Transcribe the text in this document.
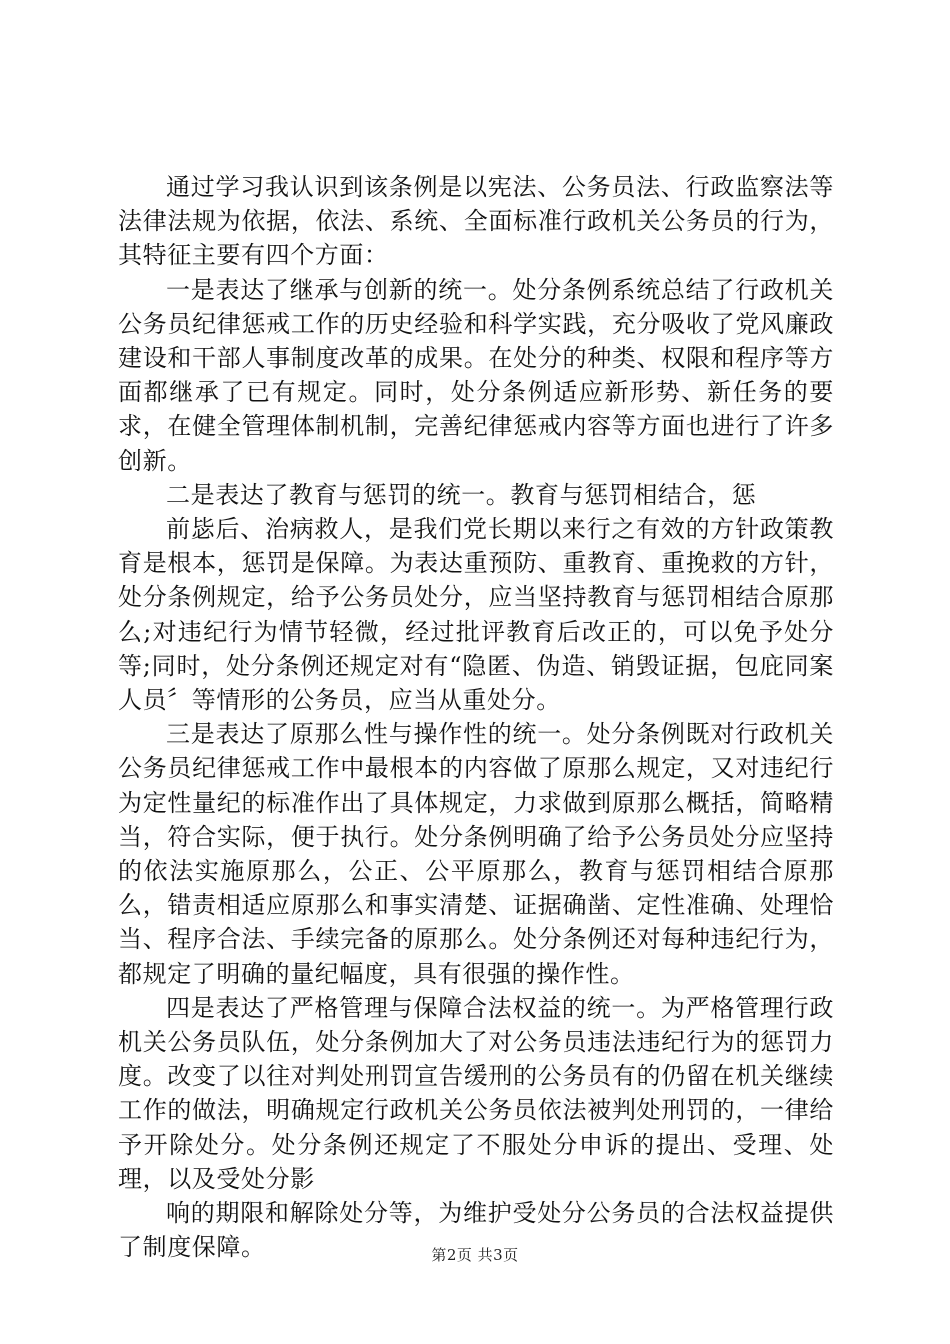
通过学习我认识到该条例是以宪法、公务员法、行政监察法等法律法规为依据，依法、系统、全面标准行政机关公务员的行为，其特征主要有四个方面：

一是表达了继承与创新的统一。处分条例系统总结了行政机关公务员纪律惩戒工作的历史经验和科学实践，充分吸收了党风廉政建设和干部人事制度改革的成果。在处分的种类、权限和程序等方面都继承了已有规定。同时，处分条例适应新形势、新任务的要求，在健全管理体制机制，完善纪律惩戒内容等方面也进行了许多创新。

二是表达了教育与惩罚的统一。教育与惩罚相结合，惩

前毖后、治病救人，是我们党长期以来行之有效的方针政策教育是根本，惩罚是保障。为表达重预防、重教育、重挽救的方针，处分条例规定，给予公务员处分，应当坚持教育与惩罚相结合原那么;对违纪行为情节轻微，经过批评教育后改正的，可以免予处分等;同时，处分条例还规定对有“隐匿、伪造、销毁证据，包庇同案人员〞等情形的公务员，应当从重处分。

三是表达了原那么性与操作性的统一。处分条例既对行政机关公务员纪律惩戒工作中最根本的内容做了原那么规定，又对违纪行为定性量纪的标准作出了具体规定，力求做到原那么概括，简略精当，符合实际，便于执行。处分条例明确了给予公务员处分应坚持的依法实施原那么，公正、公平原那么，教育与惩罚相结合原那么，错责相适应原那么和事实清楚、证据确凿、定性准确、处理恰当、程序合法、手续完备的原那么。处分条例还对每种违纪行为，都规定了明确的量纪幅度，具有很强的操作性。

四是表达了严格管理与保障合法权益的统一。为严格管理行政机关公务员队伍，处分条例加大了对公务员违法违纪行为的惩罚力度。改变了以往对判处刑罚宣告缓刑的公务员有的仍留在机关继续工作的做法，明确规定行政机关公务员依法被判处刑罚的，一律给予开除处分。处分条例还规定了不服处分申诉的提出、受理、处理，以及受处分影

响的期限和解除处分等，为维护受处分公务员的合法权益提供了制度保障。	第2页 共3页
